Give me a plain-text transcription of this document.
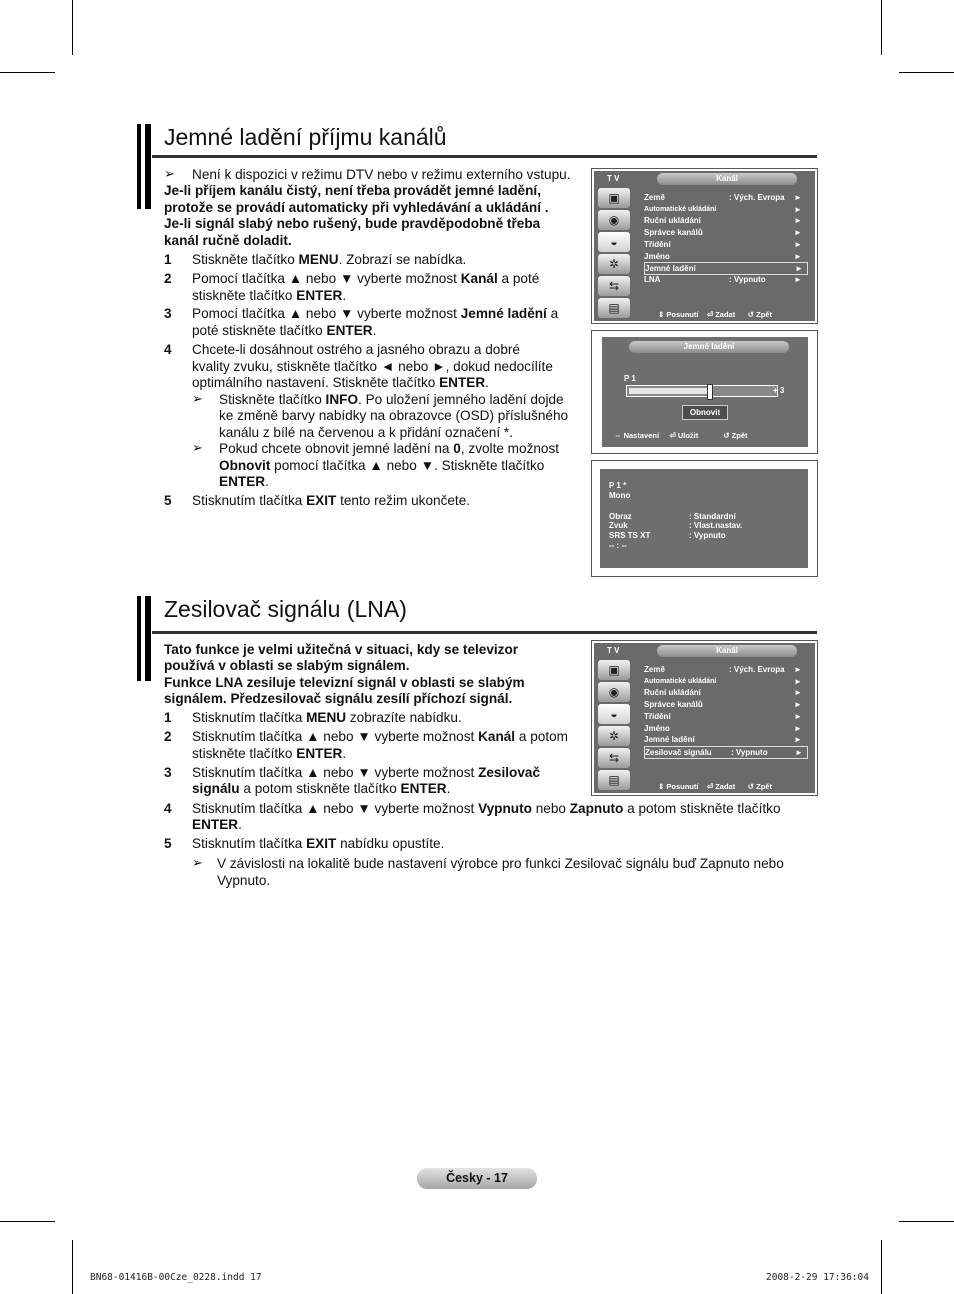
Jemné ladění příjmu kanálů
➢ Není k dispozici v režimu DTV nebo v režimu externího vstupu.
Je-li příjem kanálu čistý, není třeba provádět jemné ladění,
protože se provádí automaticky při vyhledávání a ukládání .
Je-li signál slabý nebo rušený, bude pravděpodobně třeba
kanál ručně doladit.
1 Stiskněte tlačítko MENU. Zobrazí se nabídka.
2 Pomocí tlačítka ▲ nebo ▼ vyberte možnost Kanál a poté
stiskněte tlačítko ENTER.
3 Pomocí tlačítka ▲ nebo ▼ vyberte možnost Jemné ladění a
poté stiskněte tlačítko ENTER.
4 Chcete-li dosáhnout ostrého a jasného obrazu a dobré
kvality zvuku, stiskněte tlačítko ◄ nebo ►, dokud nedocílíte
optimálního nastavení. Stiskněte tlačítko ENTER.
➢ Stiskněte tlačítko INFO. Po uložení jemného ladění dojde
ke změně barvy nabídky na obrazovce (OSD) příslušného
kanálu z bílé na červenou a k přidání označení *.
➢ Pokud chcete obnovit jemné ladění na 0, zvolte možnost
Obnovit pomocí tlačítka ▲ nebo ▼. Stiskněte tlačítko
ENTER.
5 Stisknutím tlačítka EXIT tento režim ukončete.
T V	Kanál
▣
◉
◒
✲
⇆
▤
Země	: Vých. Evropa ►
Automatické ukládání	►
Ruční ukládání	►
Správce kanálů	►
Třídění	►
Jméno	►
Jemné ladění	►
LNA	: Vypnuto	►
⇕ Posunutí ⏎ Zadat ↺ Zpět
Jemné ladění
P 1
+ 3
Obnovit
⇔ Nastavení ⏎ Uložit	↺ Zpět
P 1 *
Mono
Obraz	: Standardní
Zvuk	: Vlast.nastav.
SRS TS XT	: Vypnuto
-- : --
Zesilovač signálu (LNA)
Tato funkce je velmi užitečná v situaci, kdy se televizor
používá v oblasti se slabým signálem.
Funkce LNA zesiluje televizní signál v oblasti se slabým
signálem. Předzesilovač signálu zesílí příchozí signál.
1 Stisknutím tlačítka MENU zobrazíte nabídku.
2 Stisknutím tlačítka ▲ nebo ▼ vyberte možnost Kanál a potom
stiskněte tlačítko ENTER.
3 Stisknutím tlačítka ▲ nebo ▼ vyberte možnost Zesilovač
signálu a potom stiskněte tlačítko ENTER.
4 Stisknutím tlačítka ▲ nebo ▼ vyberte možnost Vypnuto nebo Zapnuto a potom stiskněte tlačítko
ENTER.
5 Stisknutím tlačítka EXIT nabídku opustíte.
➢ V závislosti na lokalitě bude nastavení výrobce pro funkci Zesilovač signálu buď Zapnuto nebo
Vypnuto.
T V	Kanál
▣
◉
◒
✲
⇆
▤
Země	: Vých. Evropa ►
Automatické ukládání	►
Ruční ukládání	►
Správce kanálů	►
Třídění	►
Jméno	►
Jemné ladění	►
Zesilovač signálu : Vypnuto	►
⇕ Posunutí ⏎ Zadat ↺ Zpět
Česky - 17
BN68-01416B-00Cze_0228.indd 17	2008-2-29 17:36:04
